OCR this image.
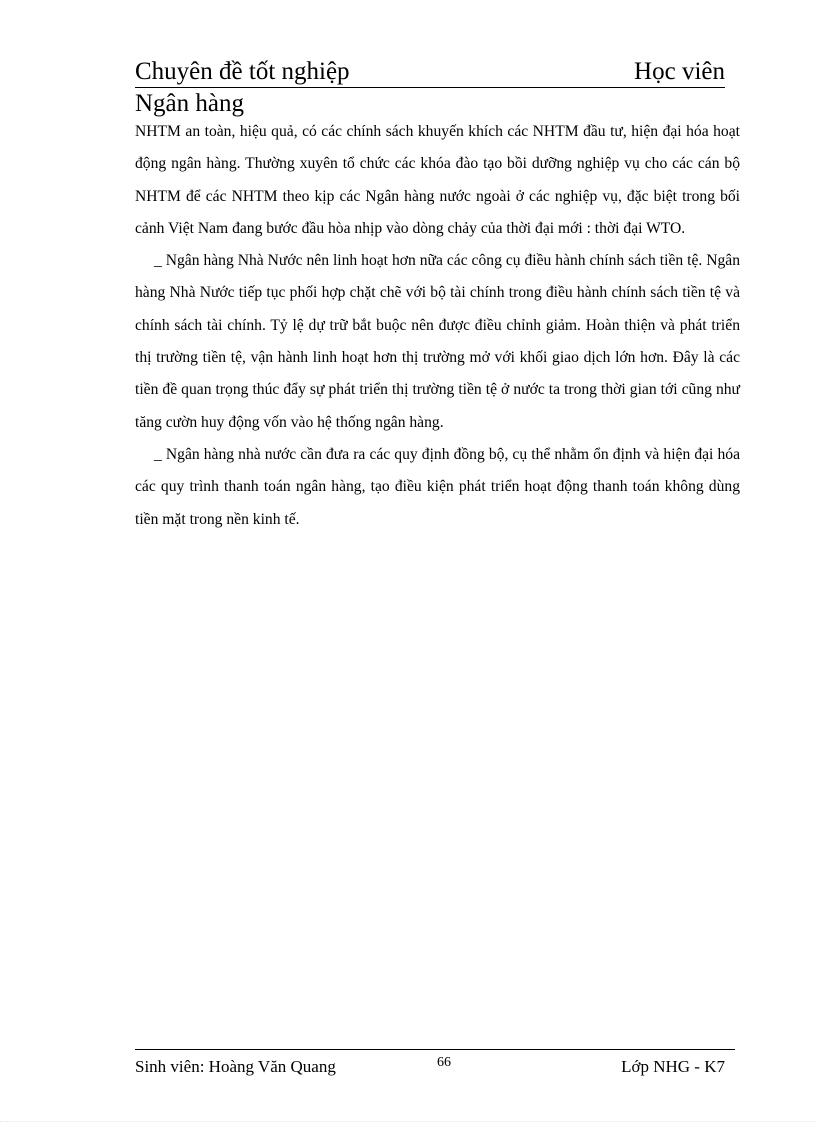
Chuyên đề tốt nghiệp	Học viên
Ngân hàng

NHTM an toàn, hiệu quả, có các chính sách khuyến khích các NHTM đầu tư, hiện đại hóa hoạt động ngân hàng. Thường xuyên tổ chức các khóa đào tạo bồi dưỡng nghiệp vụ cho các cán bộ NHTM để các NHTM theo kịp các Ngân hàng nước ngoài ở các nghiệp vụ, đặc biệt trong bối cảnh Việt Nam đang bước đầu hòa nhịp vào dòng chảy của thời đại mới : thời đại WTO.

_ Ngân hàng Nhà Nước nên linh hoạt hơn nữa các công cụ điều hành chính sách tiền tệ. Ngân hàng Nhà Nước tiếp tục phối hợp chặt chẽ với bộ tài chính trong điều hành chính sách tiền tệ và chính sách tài chính. Tỷ lệ dự trữ bắt buộc nên được điều chỉnh giảm. Hoàn thiện và phát triển thị trường tiền tệ, vận hành linh hoạt hơn thị trường mở với khối giao dịch lớn hơn. Đây là các tiền đề quan trọng thúc đẩy sự phát triển thị trường tiền tệ ở nước ta trong thời gian tới cũng như tăng cườn huy động vốn vào hệ thống ngân hàng.

_ Ngân hàng nhà nước cần đưa ra các quy định đồng bộ, cụ thể nhằm ổn định và hiện đại hóa các quy trình thanh toán ngân hàng, tạo điều kiện phát triển hoạt động thanh toán không dùng tiền mặt trong nền kinh tế.

Sinh viên: Hoàng Văn Quang	66	Lớp NHG - K7
